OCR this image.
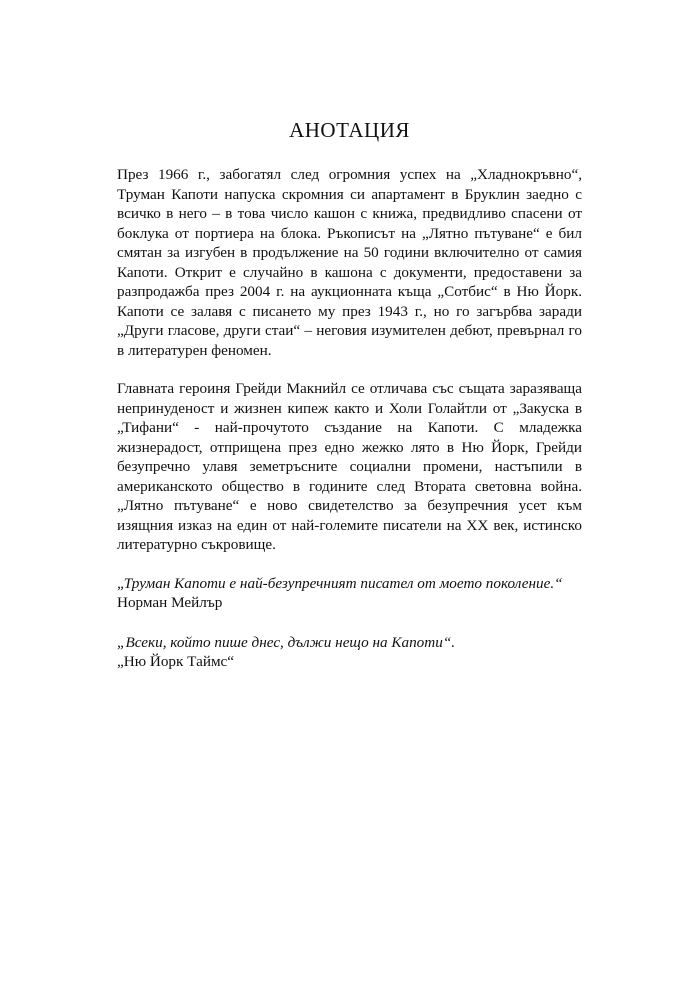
АНОТАЦИЯ

През 1966 г., забогатял след огромния успех на „Хладнокръвно“, Труман Капоти напуска скромния си апартамент в Бруклин заедно с всичко в него – в това число кашон с книжа, предвидливо спасени от боклука от портиера на блока. Ръкописът на „Лятно пътуване“ е бил смятан за изгубен в продължение на 50 години включително от самия Капоти. Открит е случайно в кашона с документи, предоставени за разпродажба през 2004 г. на аукционната къща „Сотбис“ в Ню Йорк. Капоти се залавя с писането му през 1943 г., но го загърбва заради „Други гласове, други стаи“ – неговия изумителен дебют, превърнал го в литературен феномен.

Главната героиня Грейди Макнийл се отличава със същата заразяваща непринуденост и жизнен кипеж както и Холи Голайтли от „Закуска в „Тифани“ - най-прочутото създание на Капоти. С младежка жизнерадост, отприщена през едно жежко лято в Ню Йорк, Грейди безупречно улавя земетръсните социални промени, настъпили в американското общество в годините след Втората световна война. „Лятно пътуване“ е ново свидетелство за безупречния усет към изящния изказ на един от най-големите писатели на XX век, истинско литературно съкровище.

„Труман Капоти е най-безупречният писател от моето поколение.“
Норман Мейлър

„Всеки, който пише днес, дължи нещо на Капоти“.
„Ню Йорк Таймс“
